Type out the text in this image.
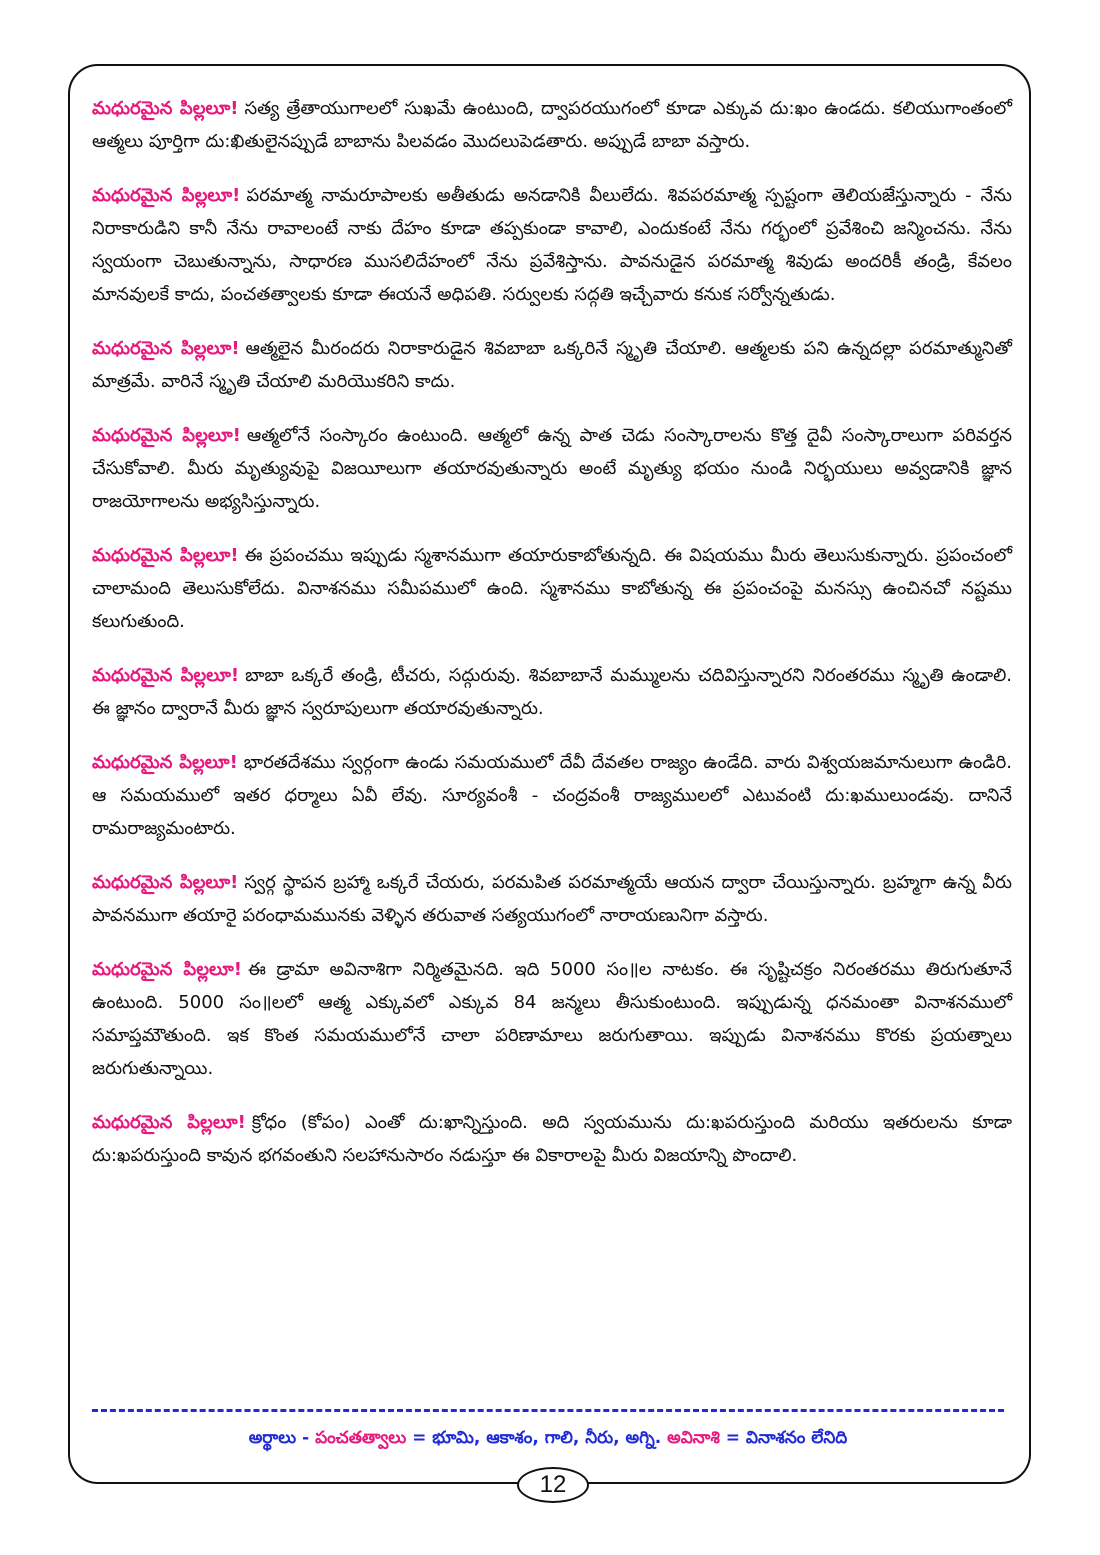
మధురమైన పిల్లలూ! సత్య త్రేతాయుగాలలో సుఖమే ఉంటుంది, ద్వాపరయుగంలో కూడా ఎక్కువ దు:ఖం ఉండదు. కలియుగాంతంలో ఆత్మలు పూర్తిగా దు:ఖితులైనప్పుడే బాబాను పిలవడం మొదలుపెడతారు. అప్పుడే బాబా వస్తారు.

మధురమైన పిల్లలూ! పరమాత్మ నామరూపాలకు అతీతుడు అనడానికి వీలులేదు. శివపరమాత్మ స్పష్టంగా తెలియజేస్తున్నారు - నేను నిరాకారుడిని కానీ నేను రావాలంటే నాకు దేహం కూడా తప్పకుండా కావాలి, ఎందుకంటే నేను గర్భంలో ప్రవేశించి జన్మించను. నేను స్వయంగా చెబుతున్నాను, సాధారణ ముసలిదేహంలో నేను ప్రవేశిస్తాను. పావనుడైన పరమాత్మ శివుడు అందరికీ తండ్రి, కేవలం మానవులకే కాదు, పంచతత్వాలకు కూడా ఈయనే అధిపతి. సర్వులకు సద్గతి ఇచ్చేవారు కనుక సర్వోన్నతుడు.

మధురమైన పిల్లలూ! ఆత్మలైన మీరందరు నిరాకారుడైన శివబాబా ఒక్కరినే స్మృతి చేయాలి. ఆత్మలకు పని ఉన్నదల్లా పరమాత్మునితో మాత్రమే. వారినే స్మృతి చేయాలి మరియొకరిని కాదు.

మధురమైన పిల్లలూ! ఆత్మలోనే సంస్కారం ఉంటుంది. ఆత్మలో ఉన్న పాత చెడు సంస్కారాలను కొత్త దైవీ సంస్కారాలుగా పరివర్తన చేసుకోవాలి. మీరు మృత్యువుపై విజయీలుగా తయారవుతున్నారు అంటే మృత్యు భయం నుండి నిర్భయులు అవ్వడానికి జ్ఞాన రాజయోగాలను అభ్యసిస్తున్నారు.

మధురమైన పిల్లలూ! ఈ ప్రపంచము ఇప్పుడు స్మశానముగా తయారుకాబోతున్నది. ఈ విషయము మీరు తెలుసుకున్నారు. ప్రపంచంలో చాలామంది తెలుసుకోలేదు. వినాశనము సమీపములో ఉంది. స్మశానము కాబోతున్న ఈ ప్రపంచంపై మనస్సు ఉంచినచో నష్టము కలుగుతుంది.

మధురమైన పిల్లలూ! బాబా ఒక్కరే తండ్రి, టీచరు, సద్గురువు. శివబాబానే మమ్ములను చదివిస్తున్నారని నిరంతరము స్మృతి ఉండాలి. ఈ జ్ఞానం ద్వారానే మీరు జ్ఞాన స్వరూపులుగా తయారవుతున్నారు.

మధురమైన పిల్లలూ! భారతదేశము స్వర్గంగా ఉండు సమయములో దేవీ దేవతల రాజ్యం ఉండేది. వారు విశ్వయజమానులుగా ఉండిరి. ఆ సమయములో ఇతర ధర్మాలు ఏవీ లేవు. సూర్యవంశీ - చంద్రవంశీ రాజ్యములలో ఎటువంటి దు:ఖములుండవు. దానినే రామరాజ్యమంటారు.

మధురమైన పిల్లలూ! స్వర్గ స్థాపన బ్రహ్మా ఒక్కరే చేయరు, పరమపిత పరమాత్మయే ఆయన ద్వారా చేయిస్తున్నారు. బ్రహ్మగా ఉన్న వీరు పావనముగా తయారై పరంధామమునకు వెళ్ళిన తరువాత సత్యయుగంలో నారాయణునిగా వస్తారు.

మధురమైన పిల్లలూ! ఈ డ్రామా అవినాశిగా నిర్మితమైనది. ఇది 5000 సం॥ల నాటకం. ఈ సృష్టిచక్రం నిరంతరము తిరుగుతూనే ఉంటుంది. 5000 సం॥లలో ఆత్మ ఎక్కువలో ఎక్కువ 84 జన్మలు తీసుకుంటుంది. ఇప్పుడున్న ధనమంతా వినాశనములో సమాప్తమౌతుంది. ఇక కొంత సమయములోనే చాలా పరిణామాలు జరుగుతాయి. ఇప్పుడు వినాశనము కొరకు ప్రయత్నాలు జరుగుతున్నాయి.

మధురమైన పిల్లలూ! క్రోధం (కోపం) ఎంతో దు:ఖాన్నిస్తుంది. అది స్వయమును దు:ఖపరుస్తుంది మరియు ఇతరులను కూడా దు:ఖపరుస్తుంది కావున భగవంతుని సలహానుసారం నడుస్తూ ఈ వికారాలపై మీరు విజయాన్ని పొందాలి.

అర్థాలు - పంచతత్వాలు = భూమి, ఆకాశం, గాలి, నీరు, అగ్ని. అవినాశి = వినాశనం లేనిది
12
